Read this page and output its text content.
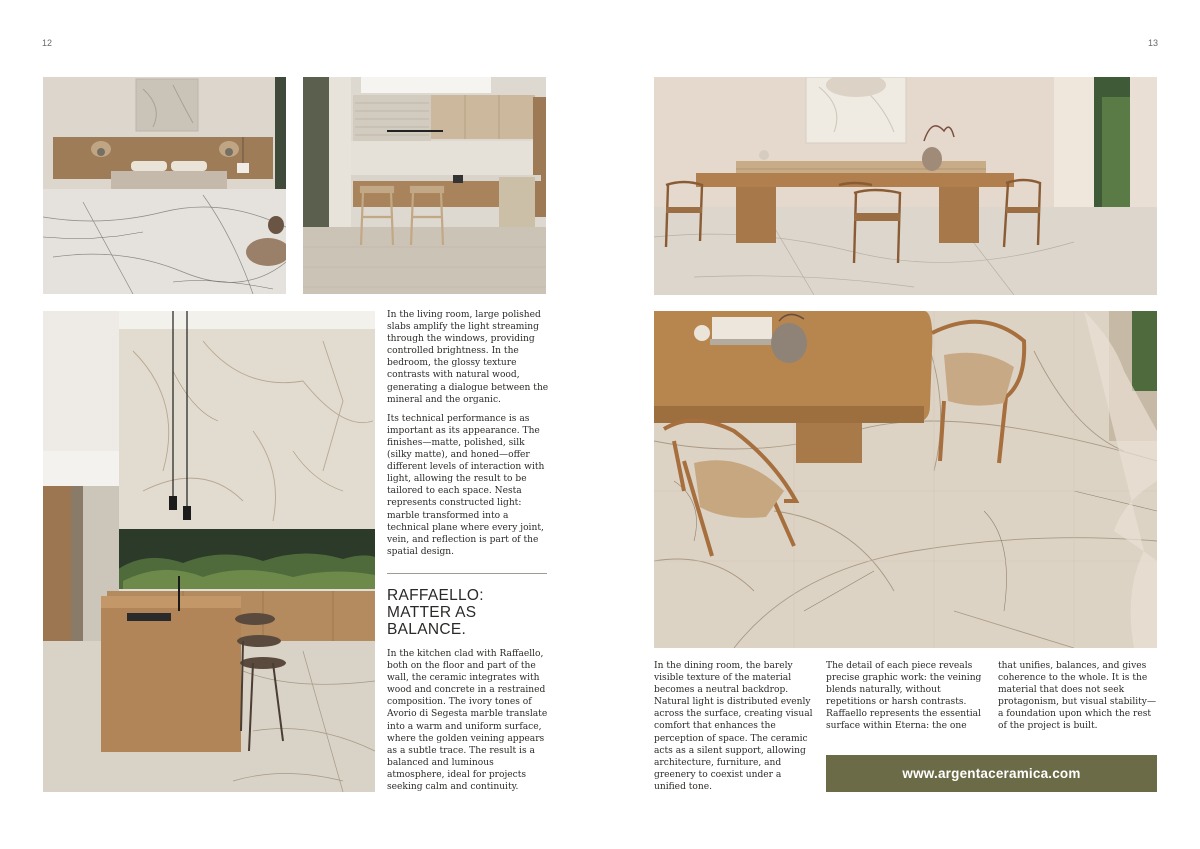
12	13

In the living room, large polished slabs amplify the light streaming through the windows, providing controlled brightness. In the bedroom, the glossy texture contrasts with natural wood, generating a dialogue between the mineral and the organic.

Its technical performance is as important as its appearance. The finishes—matte, polished, silk (silky matte), and honed—offer different levels of interaction with light, allowing the result to be tailored to each space. Nesta represents constructed light: marble transformed into a technical plane where every joint, vein, and reflection is part of the spatial design.

RAFFAELLO:
MATTER AS
BALANCE.

In the kitchen clad with Raffaello, both on the floor and part of the wall, the ceramic integrates with wood and concrete in a restrained composition. The ivory tones of Avorio di Segesta marble translate into a warm and uniform surface, where the golden veining appears as a subtle trace. The result is a balanced and luminous atmosphere, ideal for projects seeking calm and continuity.

In the dining room, the barely visible texture of the material becomes a neutral backdrop. Natural light is distributed evenly across the surface, creating visual comfort that enhances the perception of space. The ceramic acts as a silent support, allowing architecture, furniture, and greenery to coexist under a unified tone.

The detail of each piece reveals precise graphic work: the veining blends naturally, without repetitions or harsh contrasts. Raffaello represents the essential surface within Eterna: the one

that unifies, balances, and gives coherence to the whole. It is the material that does not seek protagonism, but visual stability—a foundation upon which the rest of the project is built.

www.argentaceramica.com
